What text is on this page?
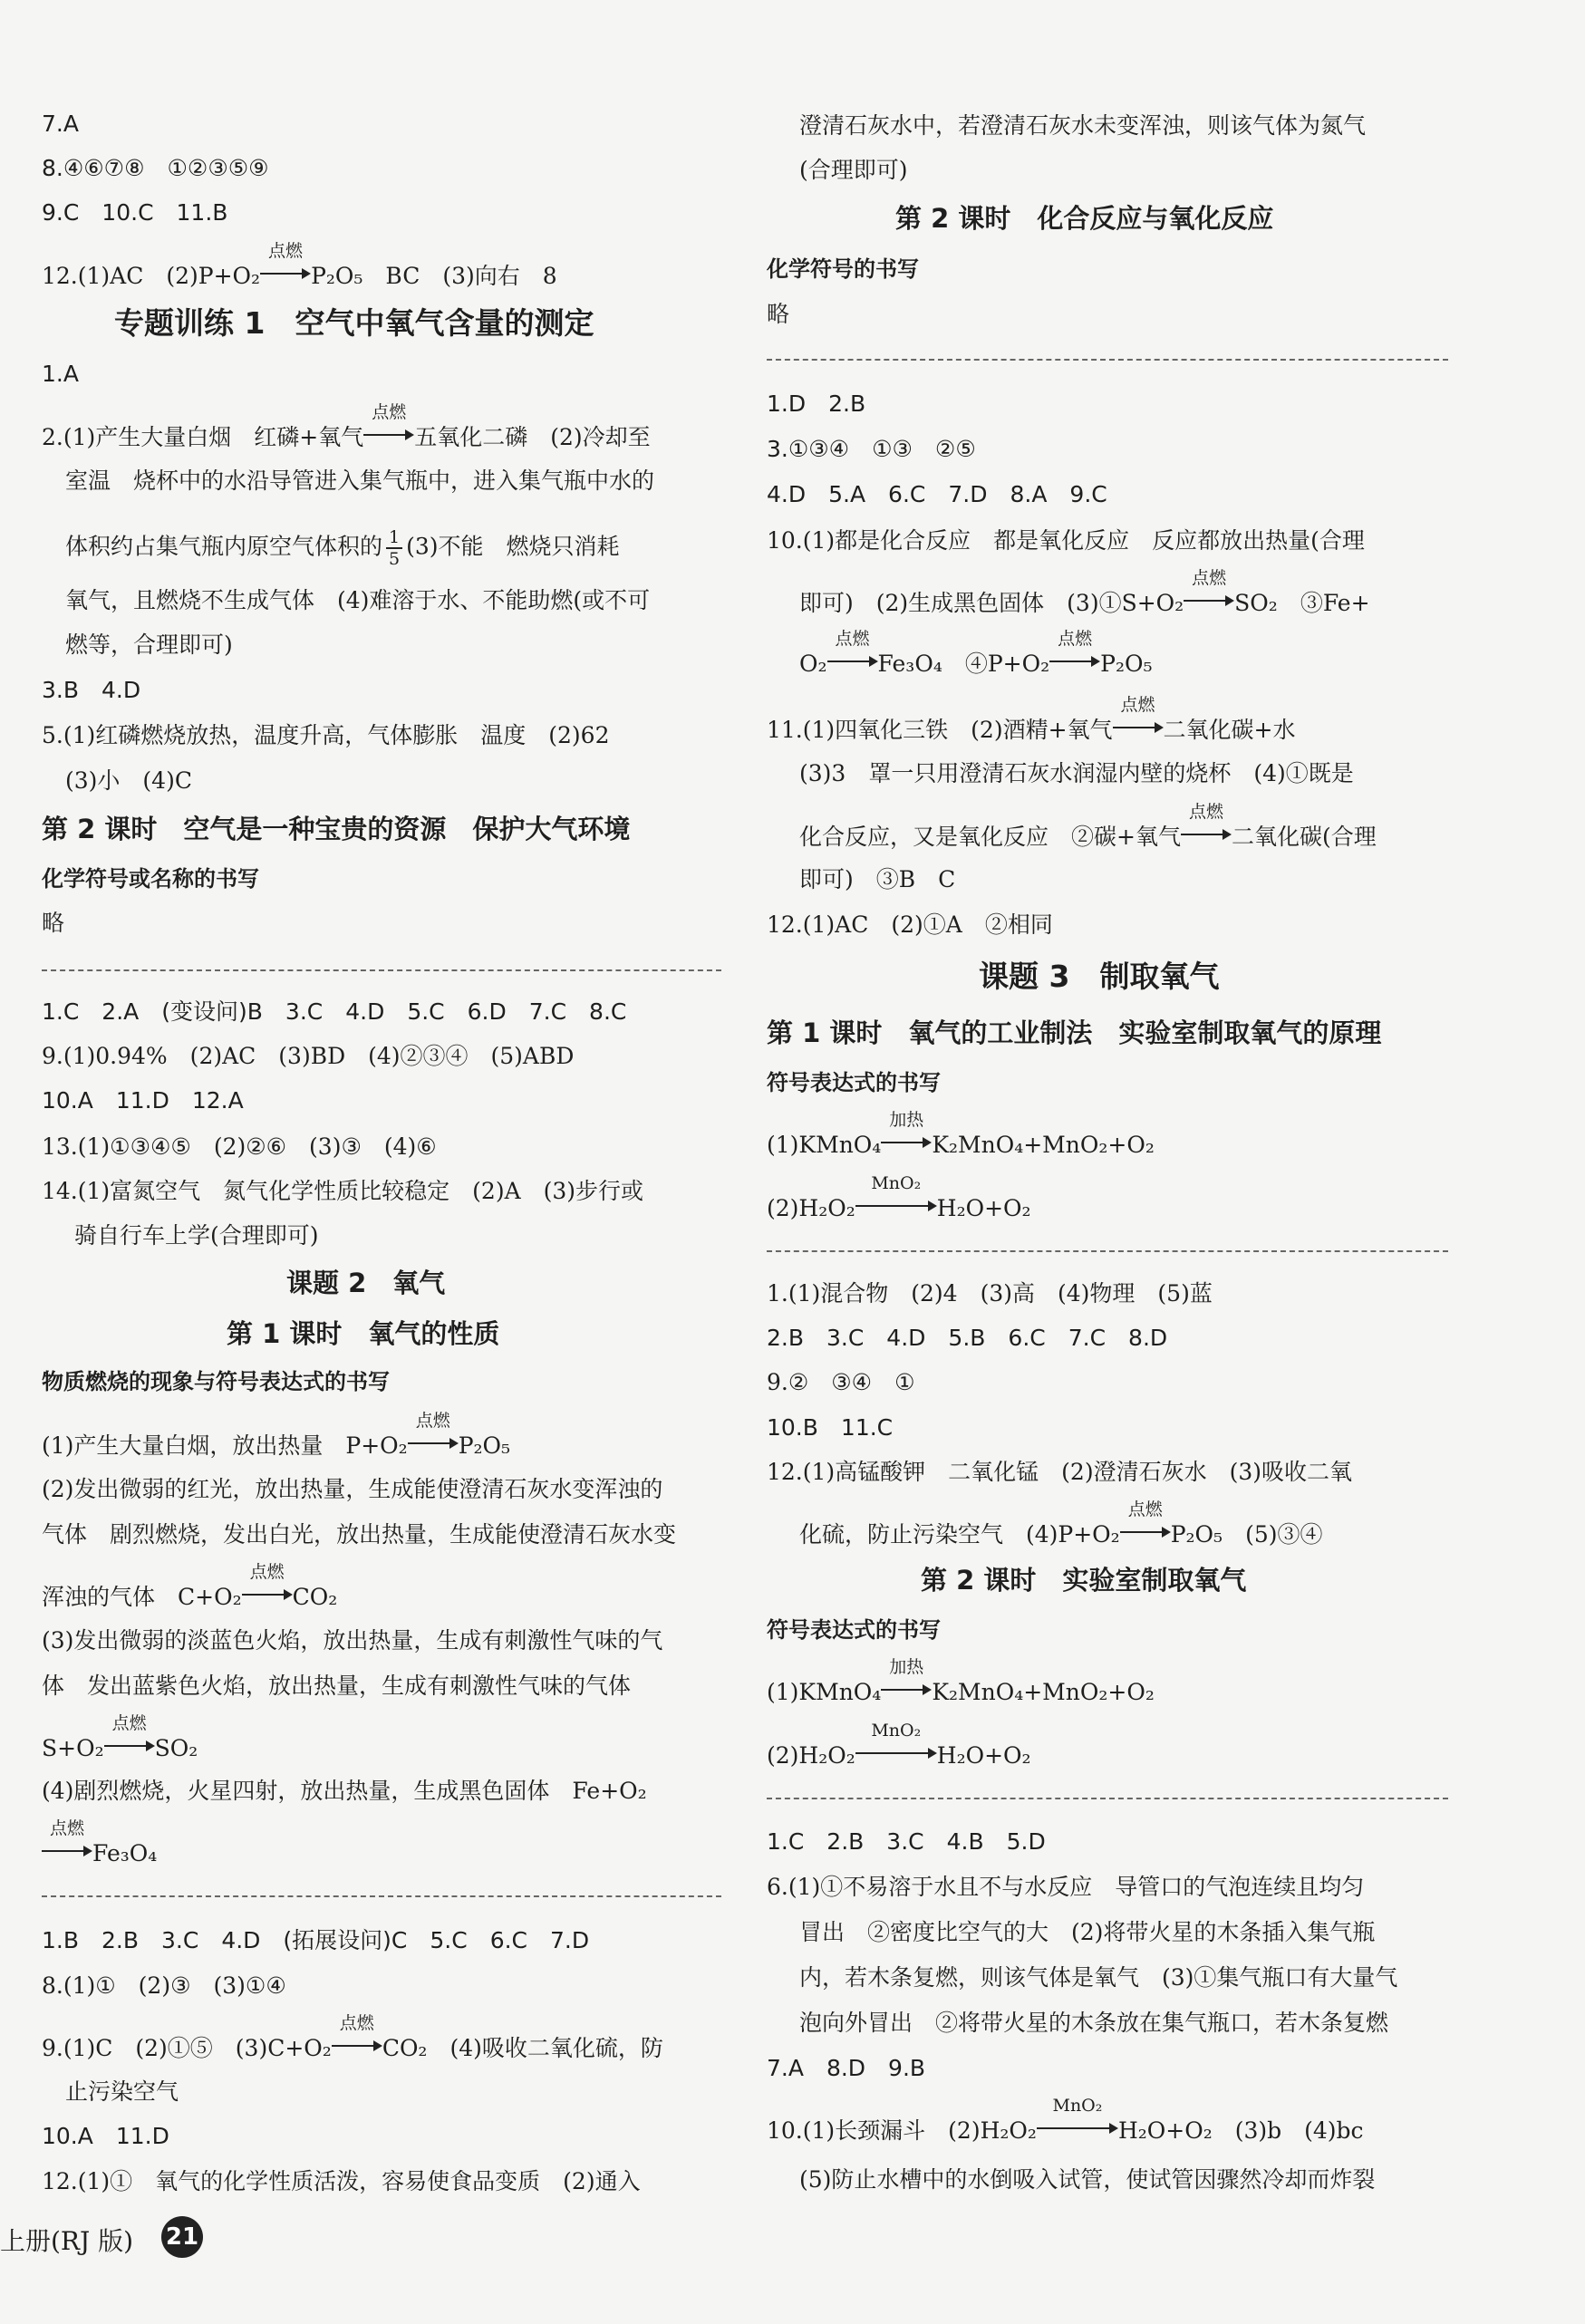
7.A
8.④⑥⑦⑧　①②③⑤⑨
9.C　10.C　11.B
12.(1)AC　(2)P+O₂
点燃
P₂O₅　BC　(3)向右　8
专题训练 1　空气中氧气含量的测定
1.A
2.(1)产生大量白烟　红磷+氧气
点燃
五氧化二磷　(2)冷却至
室温　烧杯中的水沿导管进入集气瓶中，进入集气瓶中水的
体积约占集气瓶内原空气体积的 $\frac{1}{5} (3)$不能　燃烧只消耗
氧气，且燃烧不生成气体　(4)难溶于水、不能助燃(或不可
燃等，合理即可)
3.B　4.D
5.(1)红磷燃烧放热，温度升高，气体膨胀　温度　(2)62
(3)小　(4)C
第 2 课时　空气是一种宝贵的资源　保护大气环境
化学符号或名称的书写
略
1.C　2.A　(变设问)B　3.C　4.D　5.C　6.D　7.C　8.C
9.(1)0.94%　(2)AC　(3)BD　(4)②③④　(5)ABD
10.A　11.D　12.A
13.(1)①③④⑤　(2)②⑥　(3)③　(4)⑥
14.(1)富氮空气　氮气化学性质比较稳定　(2)A　(3)步行或
骑自行车上学(合理即可)
课题 2　氧气
第 1 课时　氧气的性质
物质燃烧的现象与符号表达式的书写
(1)产生大量白烟，放出热量　P+O₂
点燃
P₂O₅
(2)发出微弱的红光，放出热量，生成能使澄清石灰水变浑浊的
气体　剧烈燃烧，发出白光，放出热量，生成能使澄清石灰水变
浑浊的气体　C+O₂
点燃
CO₂
(3)发出微弱的淡蓝色火焰，放出热量，生成有刺激性气味的气
体　发出蓝紫色火焰，放出热量，生成有刺激性气味的气体
S+O₂
点燃
SO₂
(4)剧烈燃烧，火星四射，放出热量，生成黑色固体　Fe+O₂
点燃
Fe₃O₄
1.B　2.B　3.C　4.D　(拓展设问)C　5.C　6.C　7.D
8.(1)①　(2)③　(3)①④
9.(1)C　(2)①⑤　(3)C+O₂
点燃
CO₂　(4)吸收二氧化硫，防
止污染空气
10.A　11.D
12.(1)①　氧气的化学性质活泼，容易使食品变质　(2)通入
澄清石灰水中，若澄清石灰水未变浑浊，则该气体为氮气
(合理即可)
第 2 课时　化合反应与氧化反应
化学符号的书写
略
1.D　2.B
3.①③④　①③　②⑤
4.D　5.A　6.C　7.D　8.A　9.C
10.(1)都是化合反应　都是氧化反应　反应都放出热量(合理
即可)　(2)生成黑色固体　(3)①S+O₂
点燃
SO₂　③Fe+
O₂
点燃
Fe₃O₄　④P+O₂
点燃
P₂O₅
11.(1)四氧化三铁　(2)酒精+氧气
点燃
二氧化碳+水
(3)3　罩一只用澄清石灰水润湿内壁的烧杯　(4)①既是
化合反应，又是氧化反应　②碳+氧气
点燃
二氧化碳(合理
即可)　③B　C
12.(1)AC　(2)①A　②相同
课题 3　制取氧气
第 1 课时　氧气的工业制法　实验室制取氧气的原理
符号表达式的书写
(1)KMnO₄
加热
K₂MnO₄+MnO₂+O₂
(2)H₂O₂
MnO₂
H₂O+O₂
1.(1)混合物　(2)4　(3)高　(4)物理　(5)蓝
2.B　3.C　4.D　5.B　6.C　7.C　8.D
9.②　③④　①
10.B　11.C
12.(1)高锰酸钾　二氧化锰　(2)澄清石灰水　(3)吸收二氧
化硫，防止污染空气　(4)P+O₂
点燃
P₂O₅　(5)③④
第 2 课时　实验室制取氧气
符号表达式的书写
(1)KMnO₄
加热
K₂MnO₄+MnO₂+O₂
(2)H₂O₂
MnO₂
H₂O+O₂
1.C　2.B　3.C　4.B　5.D
6.(1)①不易溶于水且不与水反应　导管口的气泡连续且均匀
冒出　②密度比空气的大　(2)将带火星的木条插入集气瓶
内，若木条复燃，则该气体是氧气　(3)①集气瓶口有大量气
泡向外冒出　②将带火星的木条放在集气瓶口，若木条复燃
7.A　8.D　9.B
10.(1)长颈漏斗　(2)H₂O₂
MnO₂
H₂O+O₂　(3)b　(4)bc
(5)防止水槽中的水倒吸入试管，使试管因骤然冷却而炸裂
上册(RJ 版) 21
